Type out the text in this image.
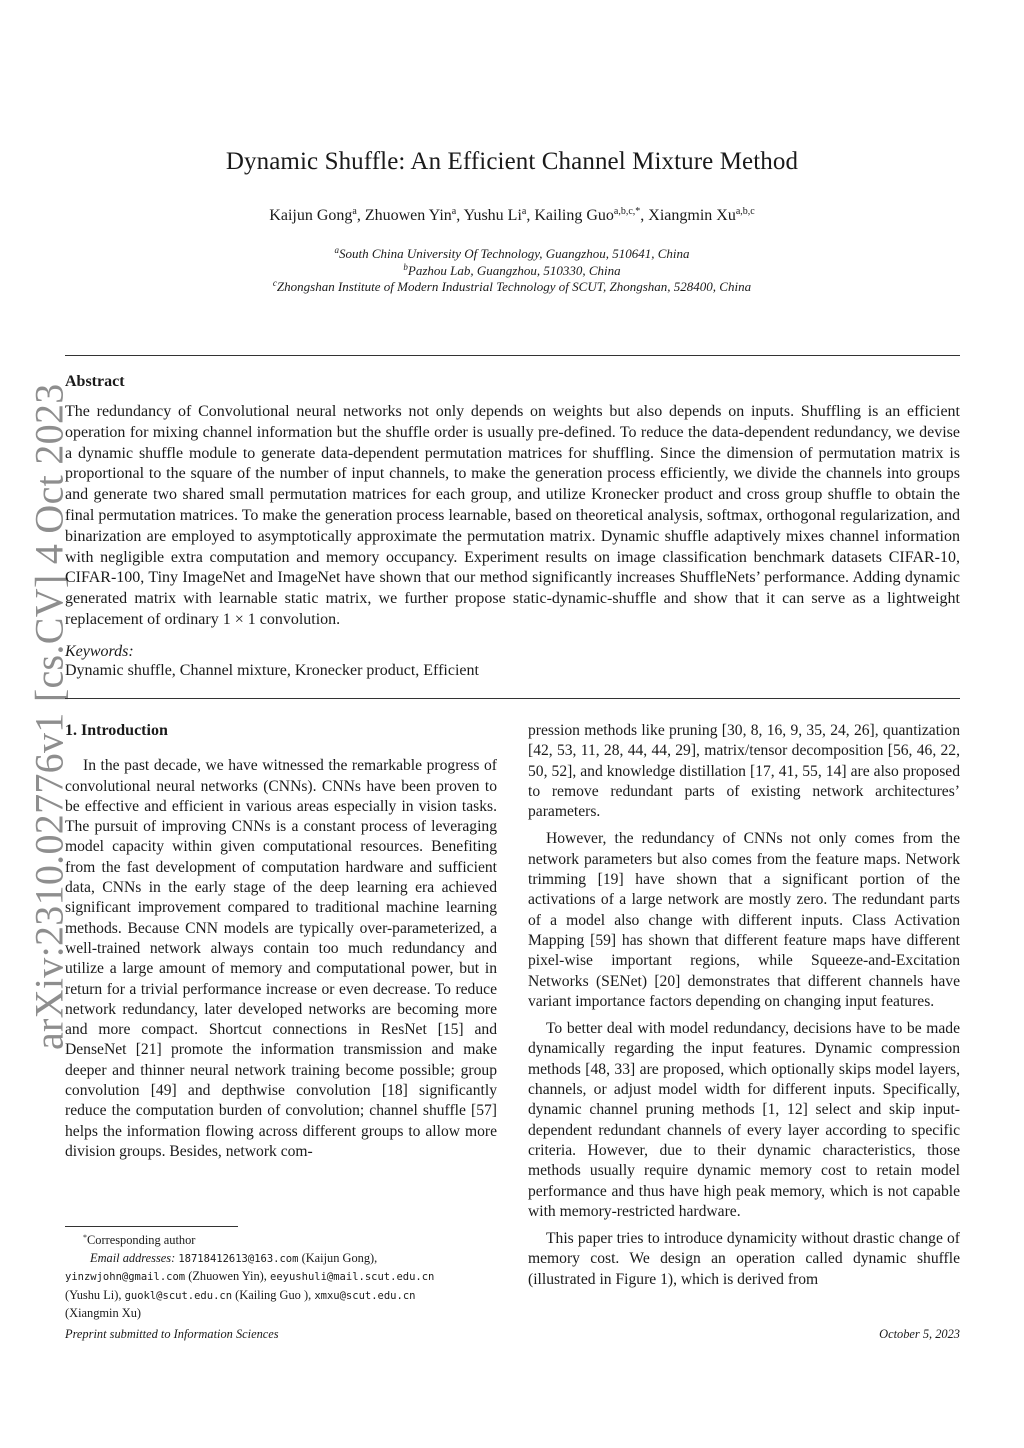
arXiv:2310.02776v1 [cs.CV] 4 Oct 2023
Dynamic Shuffle: An Efficient Channel Mixture Method
Kaijun Gong$^a$, Zhuowen Yin$^a$, Yushu Li$^a$, Kailing Guo$^{a,b,c,*}$, Xiangmin Xu$^{a,b,c}$
$^a$South China University Of Technology, Guangzhou, 510641, China
$^b$Pazhou Lab, Guangzhou, 510330, China
$^c$Zhongshan Institute of Modern Industrial Technology of SCUT, Zhongshan, 528400, China
Abstract
The redundancy of Convolutional neural networks not only depends on weights but also depends on inputs. Shuffling is an efficient operation for mixing channel information but the shuffle order is usually pre-defined. To reduce the data-dependent redundancy, we devise a dynamic shuffle module to generate data-dependent permutation matrices for shuffling. Since the dimension of permutation matrix is proportional to the square of the number of input channels, to make the generation process efficiently, we divide the channels into groups and generate two shared small permutation matrices for each group, and utilize Kronecker product and cross group shuffle to obtain the final permutation matrices. To make the generation process learnable, based on theoretical analysis, softmax, orthogonal regularization, and binarization are employed to asymptotically approximate the permutation matrix. Dynamic shuffle adaptively mixes channel information with negligible extra computation and memory occupancy. Experiment results on image classification benchmark datasets CIFAR-10, CIFAR-100, Tiny ImageNet and ImageNet have shown that our method significantly increases ShuffleNets’ performance. Adding dynamic generated matrix with learnable static matrix, we further propose static-dynamic-shuffle and show that it can serve as a lightweight replacement of ordinary 1 × 1 convolution.
Keywords:
Dynamic shuffle, Channel mixture, Kronecker product, Efficient

1. Introduction

In the past decade, we have witnessed the remarkable progress of convolutional neural networks (CNNs). CNNs have been proven to be effective and efficient in various areas especially in vision tasks. The pursuit of improving CNNs is a constant process of leveraging model capacity within given computational resources. Benefiting from the fast development of computation hardware and sufficient data, CNNs in the early stage of the deep learning era achieved significant improvement compared to traditional machine learning methods. Because CNN models are typically over-parameterized, a well-trained network always contain too much redundancy and utilize a large amount of memory and computational power, but in return for a trivial performance increase or even decrease. To reduce network redundancy, later developed networks are becoming more and more compact. Shortcut connections in ResNet [15] and DenseNet [21] promote the information transmission and make deeper and thinner neural network training become possible; group convolution [49] and depthwise convolution [18] significantly reduce the computation burden of convolution; channel shuffle [57] helps the information flowing across different groups to allow more division groups. Besides, network com-

pression methods like pruning [30, 8, 16, 9, 35, 24, 26], quantization [42, 53, 11, 28, 44, 44, 29], matrix/tensor decomposition [56, 46, 22, 50, 52], and knowledge distillation [17, 41, 55, 14] are also proposed to remove redundant parts of existing network architectures’ parameters.

However, the redundancy of CNNs not only comes from the network parameters but also comes from the feature maps. Network trimming [19] have shown that a significant portion of the activations of a large network are mostly zero. The redundant parts of a model also change with different inputs. Class Activation Mapping [59] has shown that different feature maps have different pixel-wise important regions, while Squeeze-and-Excitation Networks (SENet) [20] demonstrates that different channels have variant importance factors depending on changing input features.

To better deal with model redundancy, decisions have to be made dynamically regarding the input features. Dynamic compression methods [48, 33] are proposed, which optionally skips model layers, channels, or adjust model width for different inputs. Specifically, dynamic channel pruning methods [1, 12] select and skip input-dependent redundant channels of every layer according to specific criteria. However, due to their dynamic characteristics, those methods usually require dynamic memory cost to retain model performance and thus have high peak memory, which is not capable with memory-restricted hardware.

This paper tries to introduce dynamicity without drastic change of memory cost. We design an operation called dynamic shuffle (illustrated in Figure 1), which is derived from

*Corresponding author
Email addresses: 18718412613@163.com (Kaijun Gong),
yinzwjohn@gmail.com (Zhuowen Yin), eeyushuli@mail.scut.edu.cn
(Yushu Li), guokl@scut.edu.cn (Kailing Guo ), xmxu@scut.edu.cn
(Xiangmin Xu)
Preprint submitted to Information Sciences	October 5, 2023
